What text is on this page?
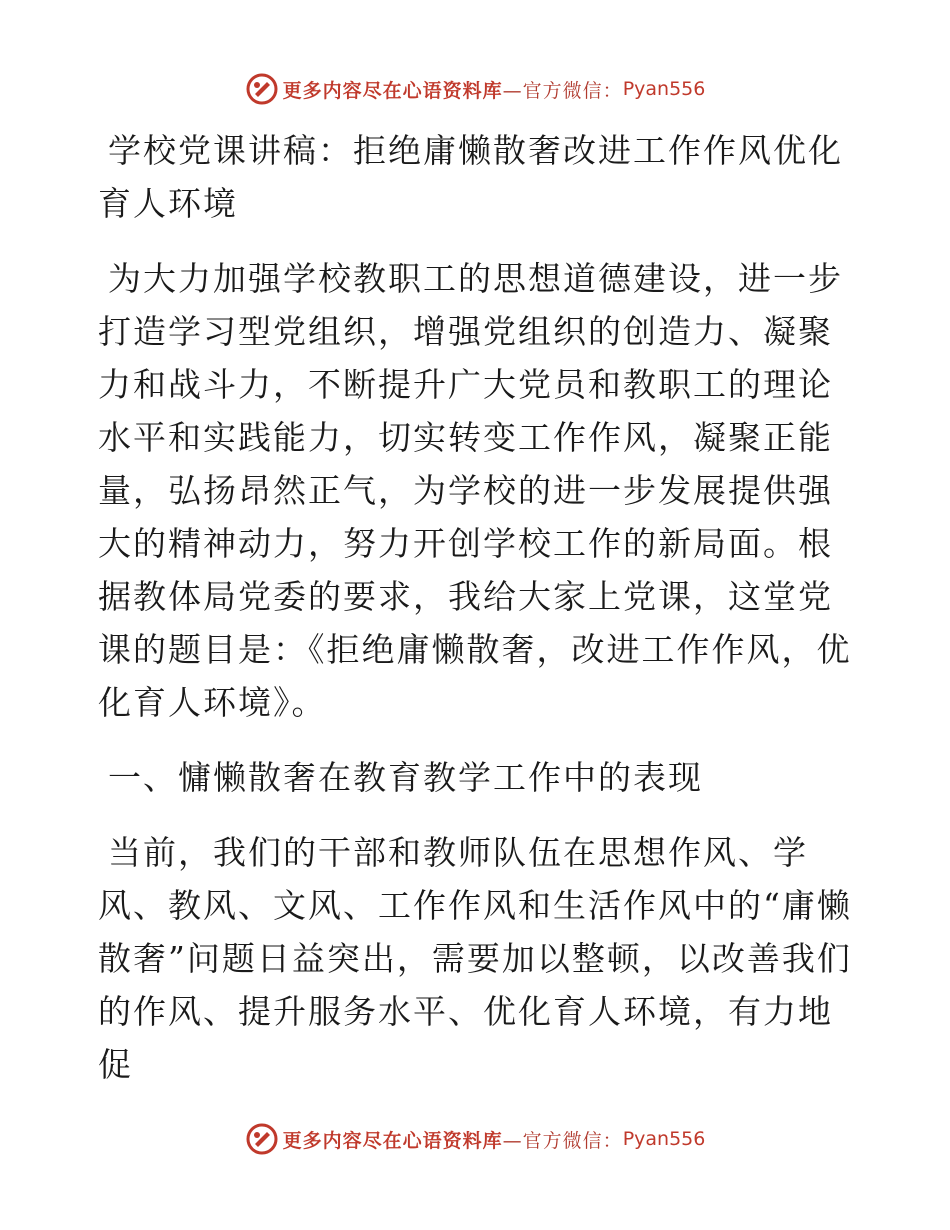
更多内容尽在心语资料库 —官方微信： Pyan556

学校党课讲稿：拒绝庸懒散奢改进工作作风优化育人环境

为大力加强学校教职工的思想道德建设，进一步打造学习型党组织，增强党组织的创造力、凝聚力和战斗力，不断提升广大党员和教职工的理论水平和实践能力，切实转变工作作风，凝聚正能量，弘扬昂然正气，为学校的进一步发展提供强大的精神动力，努力开创学校工作的新局面。根据教体局党委的要求，我给大家上党课，这堂党课的题目是：《拒绝庸懒散奢，改进工作作风，优化育人环境》。

一、慵懒散奢在教育教学工作中的表现

当前，我们的干部和教师队伍在思想作风、学风、教风、文风、工作作风和生活作风中的“庸懒散奢”问题日益突出，需要加以整顿，以改善我们的作风、提升服务水平、优化育人环境，有力地促

更多内容尽在心语资料库 —官方微信： Pyan556
